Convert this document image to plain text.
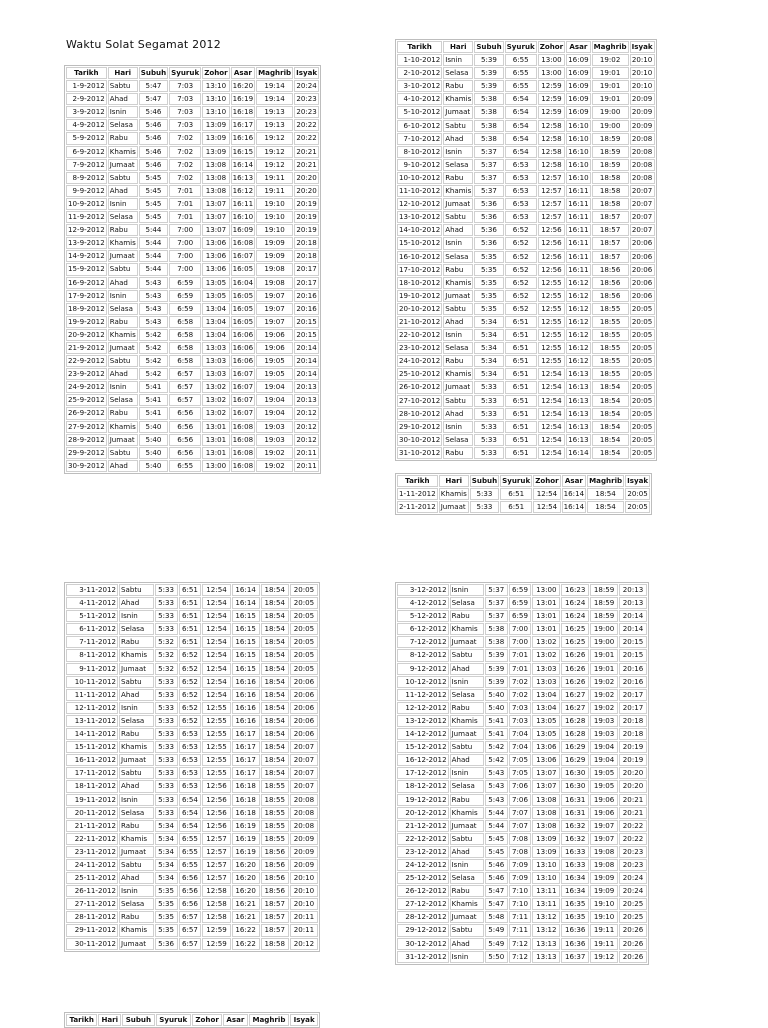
Waktu Solat Segamat 2012
Tarikh	Hari	Subuh	Syuruk	Zohor	Asar	Maghrib	Isyak
1-9-2012	Sabtu	5:47	7:03	13:10	16:20	19:14	20:24
2-9-2012	Ahad	5:47	7:03	13:10	16:19	19:14	20:23
3-9-2012	Isnin	5:46	7:03	13:10	16:18	19:13	20:23
4-9-2012	Selasa	5:46	7:03	13:09	16:17	19:13	20:22
5-9-2012	Rabu	5:46	7:02	13:09	16:16	19:12	20:22
6-9-2012	Khamis	5:46	7:02	13:09	16:15	19:12	20:21
7-9-2012	Jumaat	5:46	7:02	13:08	16:14	19:12	20:21
8-9-2012	Sabtu	5:45	7:02	13:08	16:13	19:11	20:20
9-9-2012	Ahad	5:45	7:01	13:08	16:12	19:11	20:20
10-9-2012	Isnin	5:45	7:01	13:07	16:11	19:10	20:19
11-9-2012	Selasa	5:45	7:01	13:07	16:10	19:10	20:19
12-9-2012	Rabu	5:44	7:00	13:07	16:09	19:10	20:19
13-9-2012	Khamis	5:44	7:00	13:06	16:08	19:09	20:18
14-9-2012	Jumaat	5:44	7:00	13:06	16:07	19:09	20:18
15-9-2012	Sabtu	5:44	7:00	13:06	16:05	19:08	20:17
16-9-2012	Ahad	5:43	6:59	13:05	16:04	19:08	20:17
17-9-2012	Isnin	5:43	6:59	13:05	16:05	19:07	20:16
18-9-2012	Selasa	5:43	6:59	13:04	16:05	19:07	20:16
19-9-2012	Rabu	5:43	6:58	13:04	16:05	19:07	20:15
20-9-2012	Khamis	5:42	6:58	13:04	16:06	19:06	20:15
21-9-2012	Jumaat	5:42	6:58	13:03	16:06	19:06	20:14
22-9-2012	Sabtu	5:42	6:58	13:03	16:06	19:05	20:14
23-9-2012	Ahad	5:42	6:57	13:03	16:07	19:05	20:14
24-9-2012	Isnin	5:41	6:57	13:02	16:07	19:04	20:13
25-9-2012	Selasa	5:41	6:57	13:02	16:07	19:04	20:13
26-9-2012	Rabu	5:41	6:56	13:02	16:07	19:04	20:12
27-9-2012	Khamis	5:40	6:56	13:01	16:08	19:03	20:12
28-9-2012	Jumaat	5:40	6:56	13:01	16:08	19:03	20:12
29-9-2012	Sabtu	5:40	6:56	13:01	16:08	19:02	20:11
30-9-2012	Ahad	5:40	6:55	13:00	16:08	19:02	20:11
Tarikh	Hari	Subuh	Syuruk	Zohor	Asar	Maghrib	Isyak
1-10-2012	Isnin	5:39	6:55	13:00	16:09	19:02	20:10
2-10-2012	Selasa	5:39	6:55	13:00	16:09	19:01	20:10
3-10-2012	Rabu	5:39	6:55	12:59	16:09	19:01	20:10
4-10-2012	Khamis	5:38	6:54	12:59	16:09	19:01	20:09
5-10-2012	Jumaat	5:38	6:54	12:59	16:09	19:00	20:09
6-10-2012	Sabtu	5:38	6:54	12:58	16:10	19:00	20:09
7-10-2012	Ahad	5:38	6:54	12:58	16:10	18:59	20:08
8-10-2012	Isnin	5:37	6:54	12:58	16:10	18:59	20:08
9-10-2012	Selasa	5:37	6:53	12:58	16:10	18:59	20:08
10-10-2012	Rabu	5:37	6:53	12:57	16:10	18:58	20:08
11-10-2012	Khamis	5:37	6:53	12:57	16:11	18:58	20:07
12-10-2012	Jumaat	5:36	6:53	12:57	16:11	18:58	20:07
13-10-2012	Sabtu	5:36	6:53	12:57	16:11	18:57	20:07
14-10-2012	Ahad	5:36	6:52	12:56	16:11	18:57	20:07
15-10-2012	Isnin	5:36	6:52	12:56	16:11	18:57	20:06
16-10-2012	Selasa	5:35	6:52	12:56	16:11	18:57	20:06
17-10-2012	Rabu	5:35	6:52	12:56	16:11	18:56	20:06
18-10-2012	Khamis	5:35	6:52	12:55	16:12	18:56	20:06
19-10-2012	Jumaat	5:35	6:52	12:55	16:12	18:56	20:06
20-10-2012	Sabtu	5:35	6:52	12:55	16:12	18:55	20:05
21-10-2012	Ahad	5:34	6:51	12:55	16:12	18:55	20:05
22-10-2012	Isnin	5:34	6:51	12:55	16:12	18:55	20:05
23-10-2012	Selasa	5:34	6:51	12:55	16:12	18:55	20:05
24-10-2012	Rabu	5:34	6:51	12:55	16:12	18:55	20:05
25-10-2012	Khamis	5:34	6:51	12:54	16:13	18:55	20:05
26-10-2012	Jumaat	5:33	6:51	12:54	16:13	18:54	20:05
27-10-2012	Sabtu	5:33	6:51	12:54	16:13	18:54	20:05
28-10-2012	Ahad	5:33	6:51	12:54	16:13	18:54	20:05
29-10-2012	Isnin	5:33	6:51	12:54	16:13	18:54	20:05
30-10-2012	Selasa	5:33	6:51	12:54	16:13	18:54	20:05
31-10-2012	Rabu	5:33	6:51	12:54	16:14	18:54	20:05
Tarikh	Hari	Subuh	Syuruk	Zohor	Asar	Maghrib	Isyak
1-11-2012	Khamis	5:33	6:51	12:54	16:14	18:54	20:05
2-11-2012	Jumaat	5:33	6:51	12:54	16:14	18:54	20:05
3-11-2012	Sabtu	5:33	6:51	12:54	16:14	18:54	20:05
4-11-2012	Ahad	5:33	6:51	12:54	16:14	18:54	20:05
5-11-2012	Isnin	5:33	6:51	12:54	16:15	18:54	20:05
6-11-2012	Selasa	5:33	6:51	12:54	16:15	18:54	20:05
7-11-2012	Rabu	5:32	6:51	12:54	16:15	18:54	20:05
8-11-2012	Khamis	5:32	6:52	12:54	16:15	18:54	20:05
9-11-2012	Jumaat	5:32	6:52	12:54	16:15	18:54	20:05
10-11-2012	Sabtu	5:33	6:52	12:54	16:16	18:54	20:06
11-11-2012	Ahad	5:33	6:52	12:54	16:16	18:54	20:06
12-11-2012	Isnin	5:33	6:52	12:55	16:16	18:54	20:06
13-11-2012	Selasa	5:33	6:52	12:55	16:16	18:54	20:06
14-11-2012	Rabu	5:33	6:53	12:55	16:17	18:54	20:06
15-11-2012	Khamis	5:33	6:53	12:55	16:17	18:54	20:07
16-11-2012	Jumaat	5:33	6:53	12:55	16:17	18:54	20:07
17-11-2012	Sabtu	5:33	6:53	12:55	16:17	18:54	20:07
18-11-2012	Ahad	5:33	6:53	12:56	16:18	18:55	20:07
19-11-2012	Isnin	5:33	6:54	12:56	16:18	18:55	20:08
20-11-2012	Selasa	5:33	6:54	12:56	16:18	18:55	20:08
21-11-2012	Rabu	5:34	6:54	12:56	16:19	18:55	20:08
22-11-2012	Khamis	5:34	6:55	12:57	16:19	18:55	20:09
23-11-2012	Jumaat	5:34	6:55	12:57	16:19	18:56	20:09
24-11-2012	Sabtu	5:34	6:55	12:57	16:20	18:56	20:09
25-11-2012	Ahad	5:34	6:56	12:57	16:20	18:56	20:10
26-11-2012	Isnin	5:35	6:56	12:58	16:20	18:56	20:10
27-11-2012	Selasa	5:35	6:56	12:58	16:21	18:57	20:10
28-11-2012	Rabu	5:35	6:57	12:58	16:21	18:57	20:11
29-11-2012	Khamis	5:35	6:57	12:59	16:22	18:57	20:11
30-11-2012	Jumaat	5:36	6:57	12:59	16:22	18:58	20:12
3-12-2012	Isnin	5:37	6:59	13:00	16:23	18:59	20:13
4-12-2012	Selasa	5:37	6:59	13:01	16:24	18:59	20:13
5-12-2012	Rabu	5:37	6:59	13:01	16:24	18:59	20:14
6-12-2012	Khamis	5:38	7:00	13:01	16:25	19:00	20:14
7-12-2012	Jumaat	5:38	7:00	13:02	16:25	19:00	20:15
8-12-2012	Sabtu	5:39	7:01	13:02	16:26	19:01	20:15
9-12-2012	Ahad	5:39	7:01	13:03	16:26	19:01	20:16
10-12-2012	Isnin	5:39	7:02	13:03	16:26	19:02	20:16
11-12-2012	Selasa	5:40	7:02	13:04	16:27	19:02	20:17
12-12-2012	Rabu	5:40	7:03	13:04	16:27	19:02	20:17
13-12-2012	Khamis	5:41	7:03	13:05	16:28	19:03	20:18
14-12-2012	Jumaat	5:41	7:04	13:05	16:28	19:03	20:18
15-12-2012	Sabtu	5:42	7:04	13:06	16:29	19:04	20:19
16-12-2012	Ahad	5:42	7:05	13:06	16:29	19:04	20:19
17-12-2012	Isnin	5:43	7:05	13:07	16:30	19:05	20:20
18-12-2012	Selasa	5:43	7:06	13:07	16:30	19:05	20:20
19-12-2012	Rabu	5:43	7:06	13:08	16:31	19:06	20:21
20-12-2012	Khamis	5:44	7:07	13:08	16:31	19:06	20:21
21-12-2012	Jumaat	5:44	7:07	13:08	16:32	19:07	20:22
22-12-2012	Sabtu	5:45	7:08	13:09	16:32	19:07	20:22
23-12-2012	Ahad	5:45	7:08	13:09	16:33	19:08	20:23
24-12-2012	Isnin	5:46	7:09	13:10	16:33	19:08	20:23
25-12-2012	Selasa	5:46	7:09	13:10	16:34	19:09	20:24
26-12-2012	Rabu	5:47	7:10	13:11	16:34	19:09	20:24
27-12-2012	Khamis	5:47	7:10	13:11	16:35	19:10	20:25
28-12-2012	Jumaat	5:48	7:11	13:12	16:35	19:10	20:25
29-12-2012	Sabtu	5:49	7:11	13:12	16:36	19:11	20:26
30-12-2012	Ahad	5:49	7:12	13:13	16:36	19:11	20:26
31-12-2012	Isnin	5:50	7:12	13:13	16:37	19:12	20:26
Tarikh	Hari	Subuh	Syuruk	Zohor	Asar	Maghrib	Isyak
